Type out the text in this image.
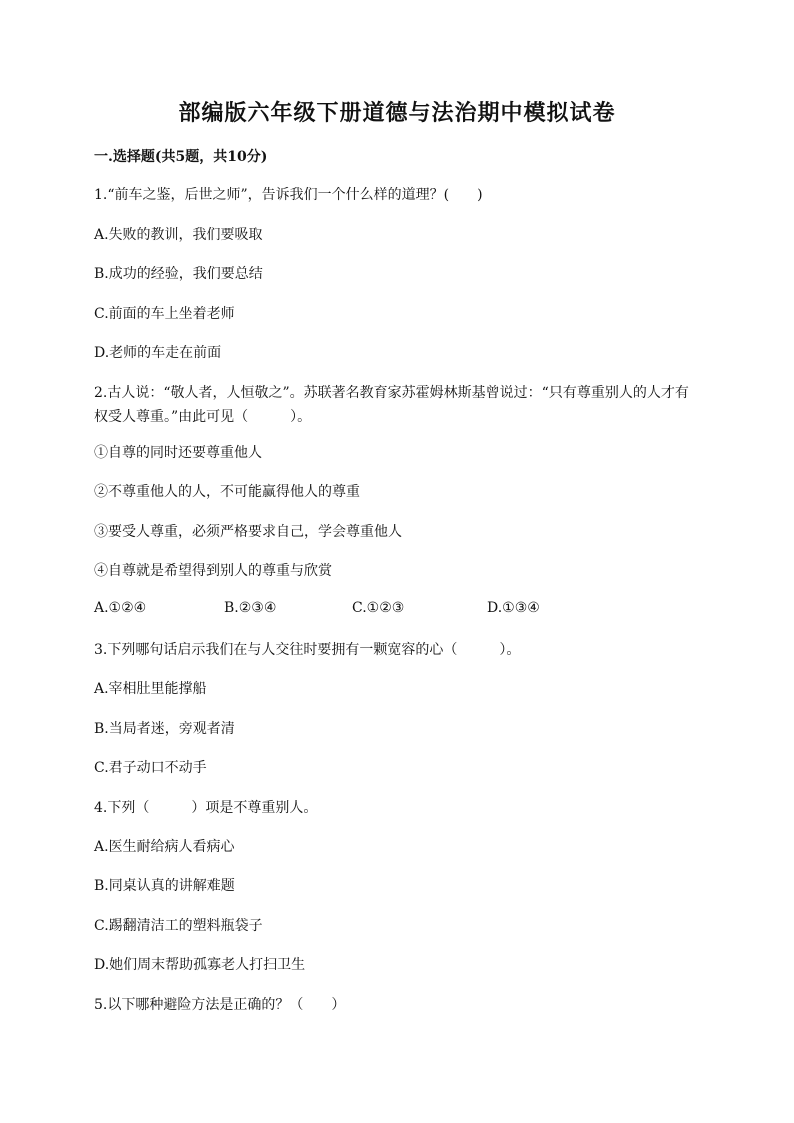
部编版六年级下册道德与法治期中模拟试卷
一.选择题(共5题，共10分)
1.“前车之鉴，后世之师”，告诉我们一个什么样的道理？(　　)
A.失败的教训，我们要吸取
B.成功的经验，我们要总结
C.前面的车上坐着老师
D.老师的车走在前面
2.古人说：“敬人者，人恒敬之”。苏联著名教育家苏霍姆林斯基曾说过：“只有尊重别人的人才有权受人尊重。”由此可见（　　　）。
①自尊的同时还要尊重他人
②不尊重他人的人，不可能赢得他人的尊重
③要受人尊重，必须严格要求自己，学会尊重他人
④自尊就是希望得到别人的尊重与欣赏
A.①②④	B.②③④	C.①②③	D.①③④
3.下列哪句话启示我们在与人交往时要拥有一颗宽容的心（　　　）。
A.宰相肚里能撑船
B.当局者迷，旁观者清
C.君子动口不动手
4.下列（　　　）项是不尊重别人。
A.医生耐给病人看病心
B.同桌认真的讲解难题
C.踢翻清洁工的塑料瓶袋子
D.她们周末帮助孤寡老人打扫卫生
5.以下哪种避险方法是正确的？（　　）
